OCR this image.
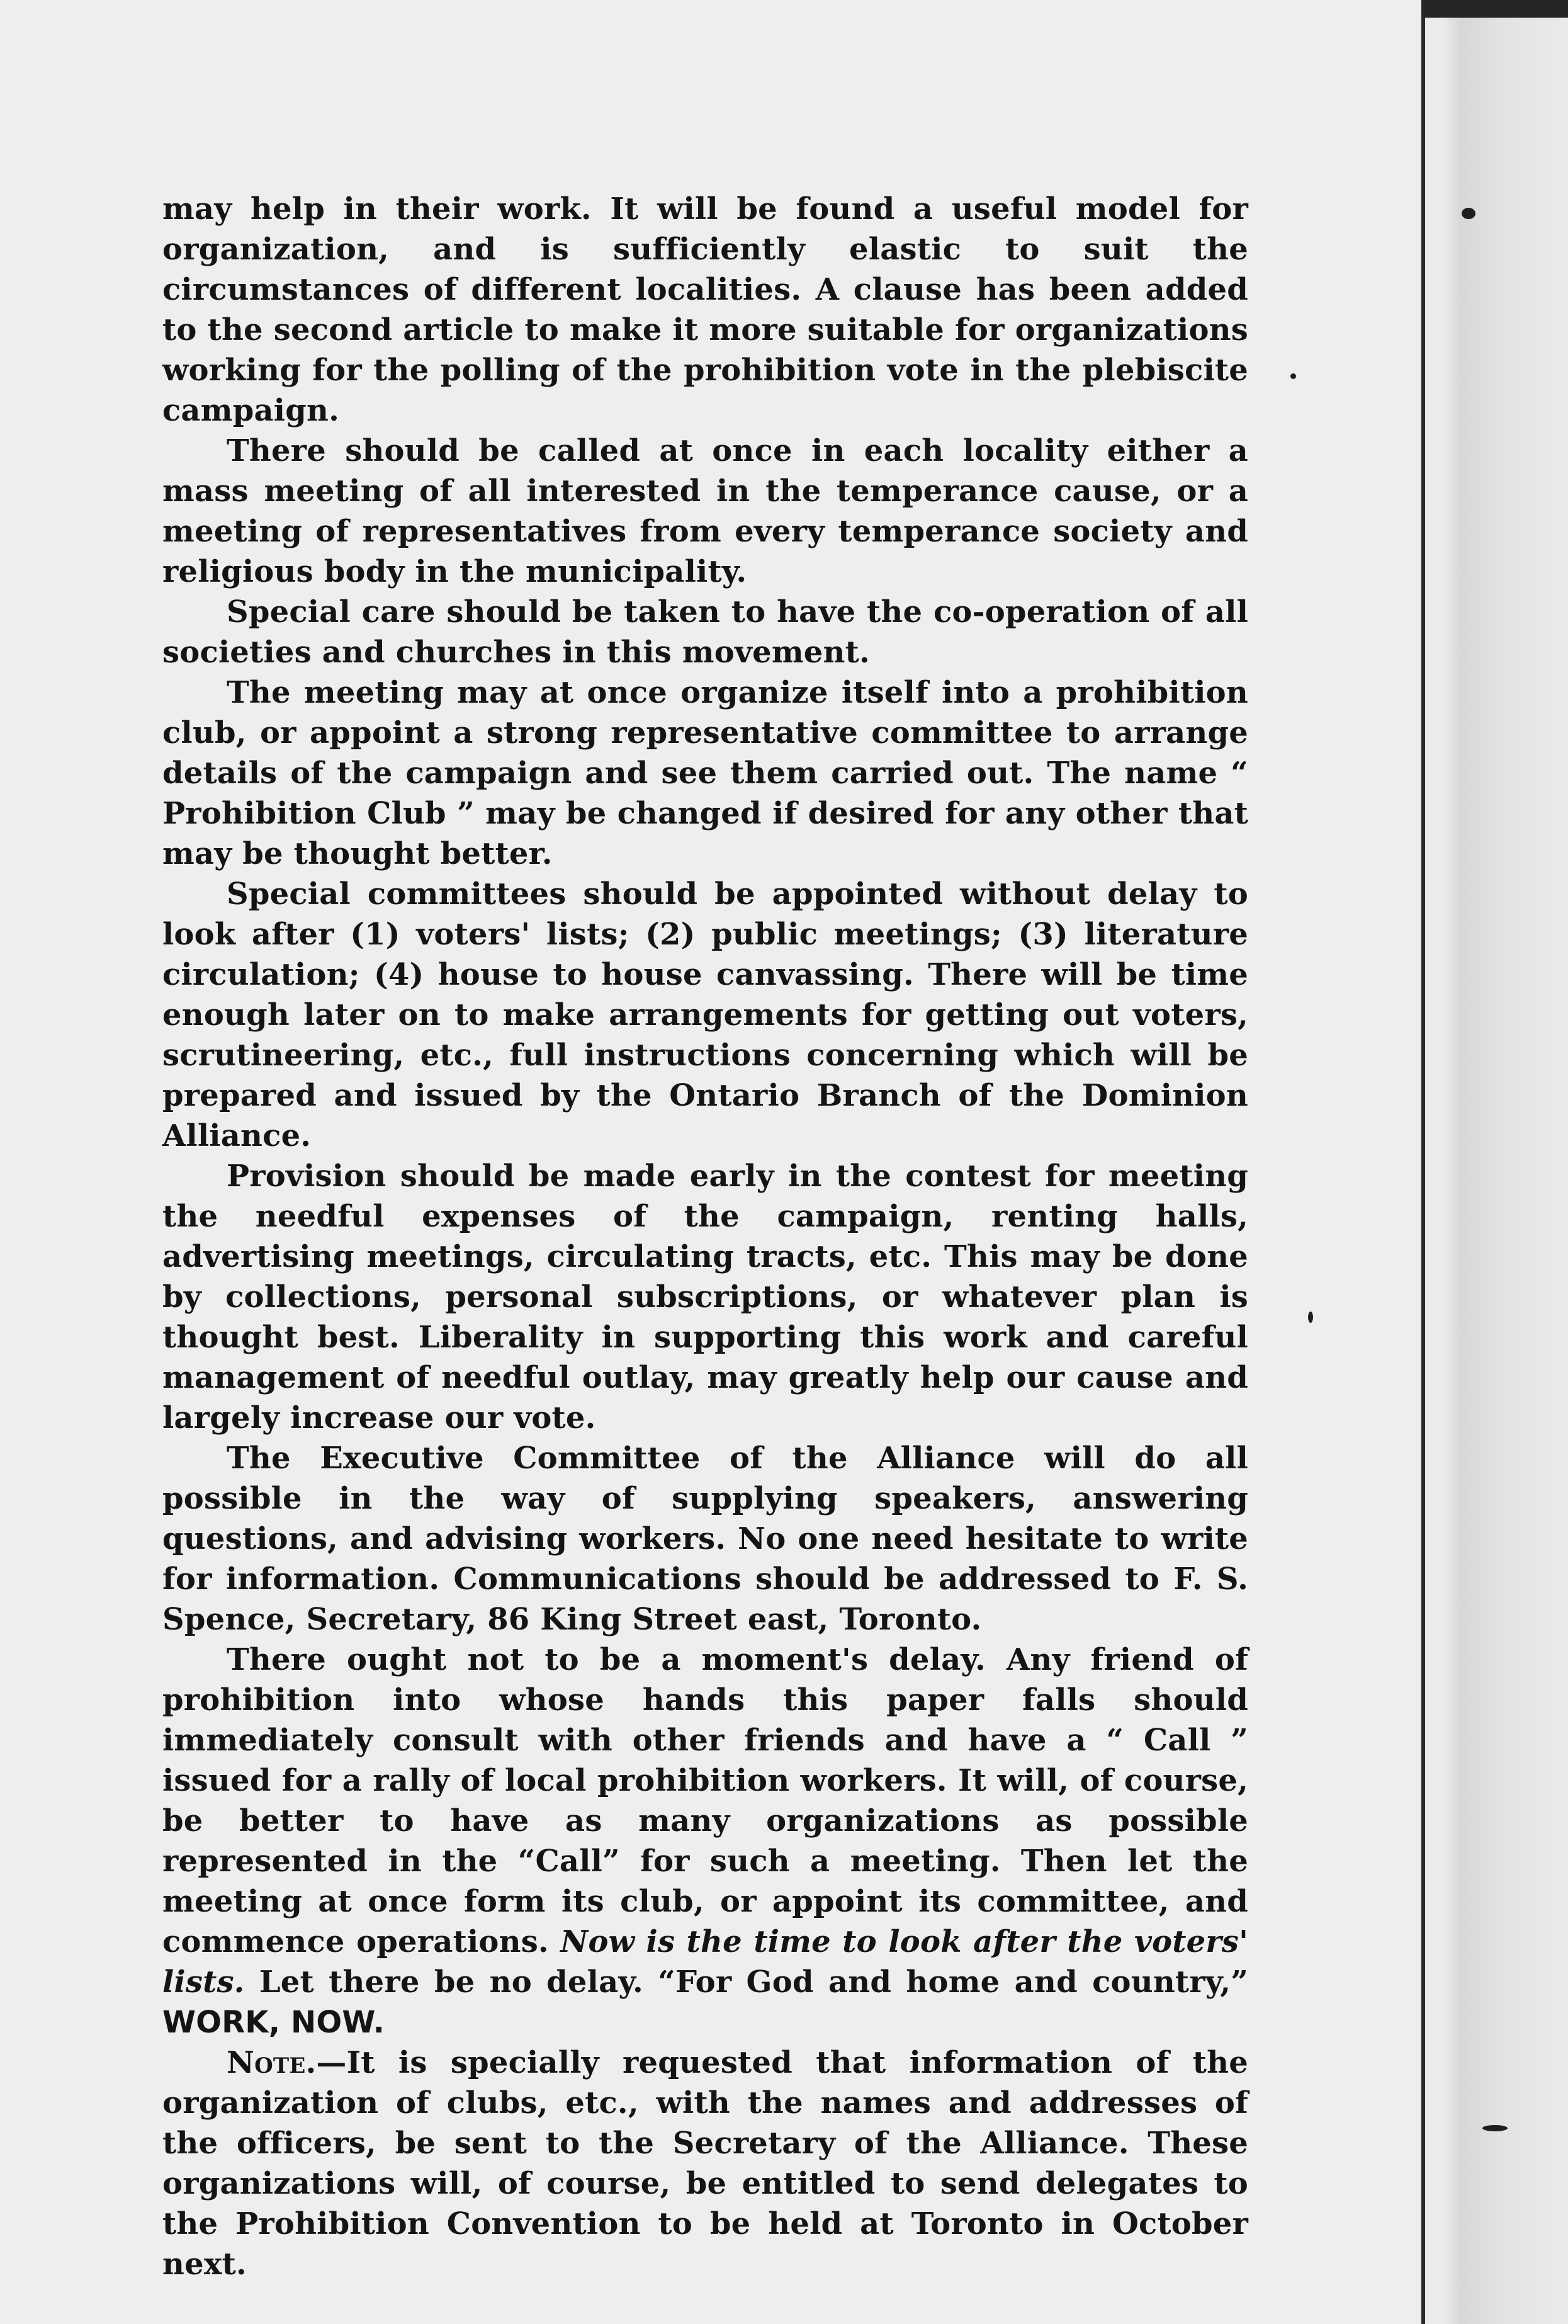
may help in their work. It will be found a useful model for organization, and is sufficiently elastic to suit the circumstances of different localities. A clause has been added to the second article to make it more suitable for organizations working for the polling of the prohibition vote in the plebiscite campaign.

There should be called at once in each locality either a mass meeting of all interested in the temperance cause, or a meeting of representatives from every temperance society and religious body in the municipality.

Special care should be taken to have the co-operation of all societies and churches in this movement.

The meeting may at once organize itself into a prohibition club, or appoint a strong representative committee to arrange details of the campaign and see them carried out. The name “ Prohibition Club ” may be changed if desired for any other that may be thought better.

Special committees should be appointed without delay to look after (1) voters' lists; (2) public meetings; (3) literature circulation; (4) house to house canvassing. There will be time enough later on to make arrangements for getting out voters, scrutineering, etc., full instructions concerning which will be prepared and issued by the Ontario Branch of the Dominion Alliance.

Provision should be made early in the contest for meeting the needful expenses of the campaign, renting halls, advertising meetings, circulating tracts, etc. This may be done by collections, personal subscriptions, or whatever plan is thought best. Liberality in supporting this work and careful management of needful outlay, may greatly help our cause and largely increase our vote.

The Executive Committee of the Alliance will do all possible in the way of supplying speakers, answering questions, and advising workers. No one need hesitate to write for information. Communications should be addressed to F. S. Spence, Secretary, 86 King Street east, Toronto.

There ought not to be a moment's delay. Any friend of prohibition into whose hands this paper falls should immediately consult with other friends and have a “ Call ” issued for a rally of local prohibition workers. It will, of course, be better to have as many organizations as possible represented in the “Call” for such a meeting. Then let the meeting at once form its club, or appoint its committee, and commence operations. Now is the time to look after the voters' lists. Let there be no delay. “For God and home and country,” WORK, NOW.

Note.—It is specially requested that information of the organization of clubs, etc., with the names and addresses of the officers, be sent to the Secretary of the Alliance. These organizations will, of course, be entitled to send delegates to the Prohibition Convention to be held at Toronto in October next.
